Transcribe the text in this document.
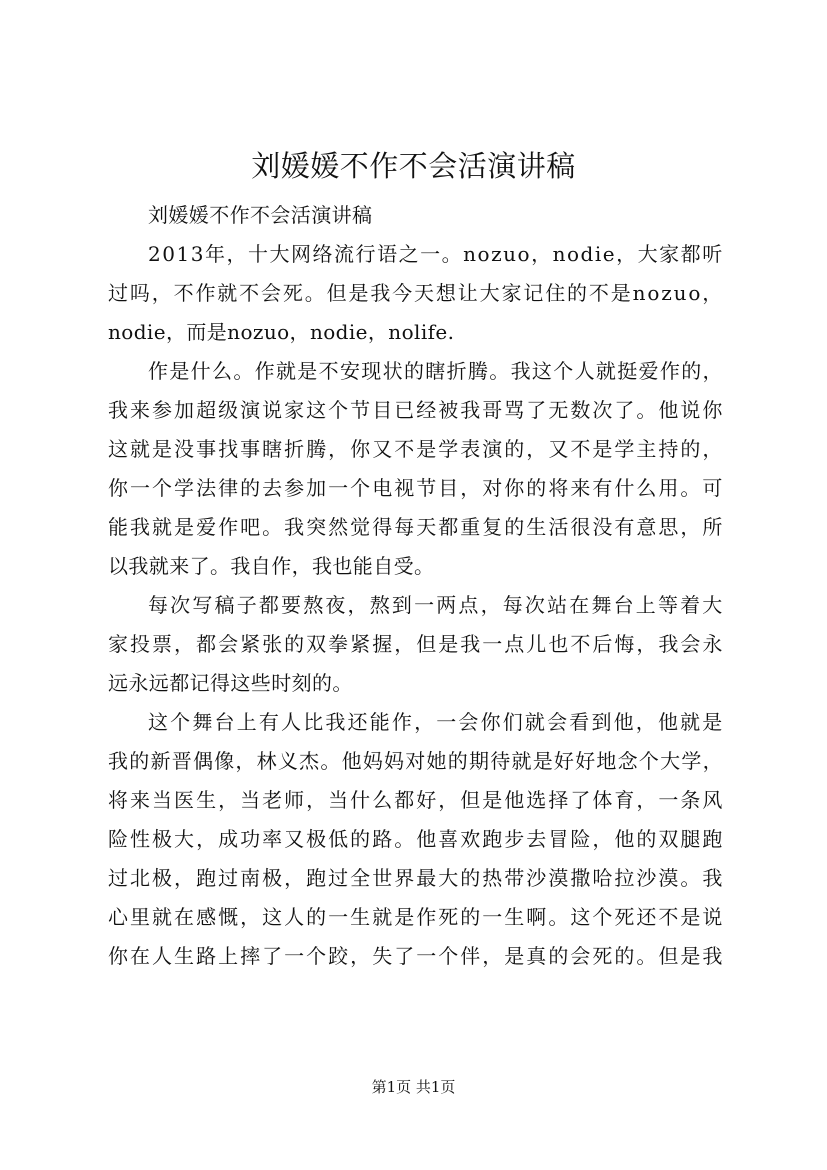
刘媛媛不作不会活演讲稿
刘媛媛不作不会活演讲稿
2 0 1 3 年 ， 十 大 网 络 流 行 语 之 一 。 n o z u o ， n o d i e ， 大 家 都 听
过 吗 ， 不 作 就 不 会 死 。 但 是 我 今 天 想 让 大 家 记 住 的 不 是 n o z u o ，
nodie，而是nozuo，nodie，nolife.
作 是 什 么 。 作 就 是 不 安 现 状 的 瞎 折 腾 。 我 这 个 人 就 挺 爱 作 的 ，
我 来 参 加 超 级 演 说 家 这 个 节 目 已 经 被 我 哥 骂 了 无 数 次 了 。 他 说 你
这 就 是 没 事 找 事 瞎 折 腾 ， 你 又 不 是 学 表 演 的 ， 又 不 是 学 主 持 的 ，
你 一 个 学 法 律 的 去 参 加 一 个 电 视 节 目 ， 对 你 的 将 来 有 什 么 用 。 可
能 我 就 是 爱 作 吧 。 我 突 然 觉 得 每 天 都 重 复 的 生 活 很 没 有 意 思 ， 所
以我就来了。我自作，我也能自受。
每 次 写 稿 子 都 要 熬 夜 ， 熬 到 一 两 点 ， 每 次 站 在 舞 台 上 等 着 大
家 投 票 ， 都 会 紧 张 的 双 拳 紧 握 ， 但 是 我 一 点 儿 也 不 后 悔 ， 我 会 永
远永远都记得这些时刻的。
这 个 舞 台 上 有 人 比 我 还 能 作 ， 一 会 你 们 就 会 看 到 他 ， 他 就 是
我 的 新 晋 偶 像 ， 林 义 杰 。 他 妈 妈 对 她 的 期 待 就 是 好 好 地 念 个 大 学 ，
将 来 当 医 生 ， 当 老 师 ， 当 什 么 都 好 ， 但 是 他 选 择 了 体 育 ， 一 条 风
险 性 极 大 ， 成 功 率 又 极 低 的 路 。 他 喜 欢 跑 步 去 冒 险 ， 他 的 双 腿 跑
过 北 极 ， 跑 过 南 极 ， 跑 过 全 世 界 最 大 的 热 带 沙 漠 撒 哈 拉 沙 漠 。 我
心 里 就 在 感 慨 ， 这 人 的 一 生 就 是 作 死 的 一 生 啊 。 这 个 死 还 不 是 说
你 在 人 生 路 上 摔 了 一 个 跤 ， 失 了 一 个 伴 ， 是 真 的 会 死 的 。 但 是 我
第1页 共1页
